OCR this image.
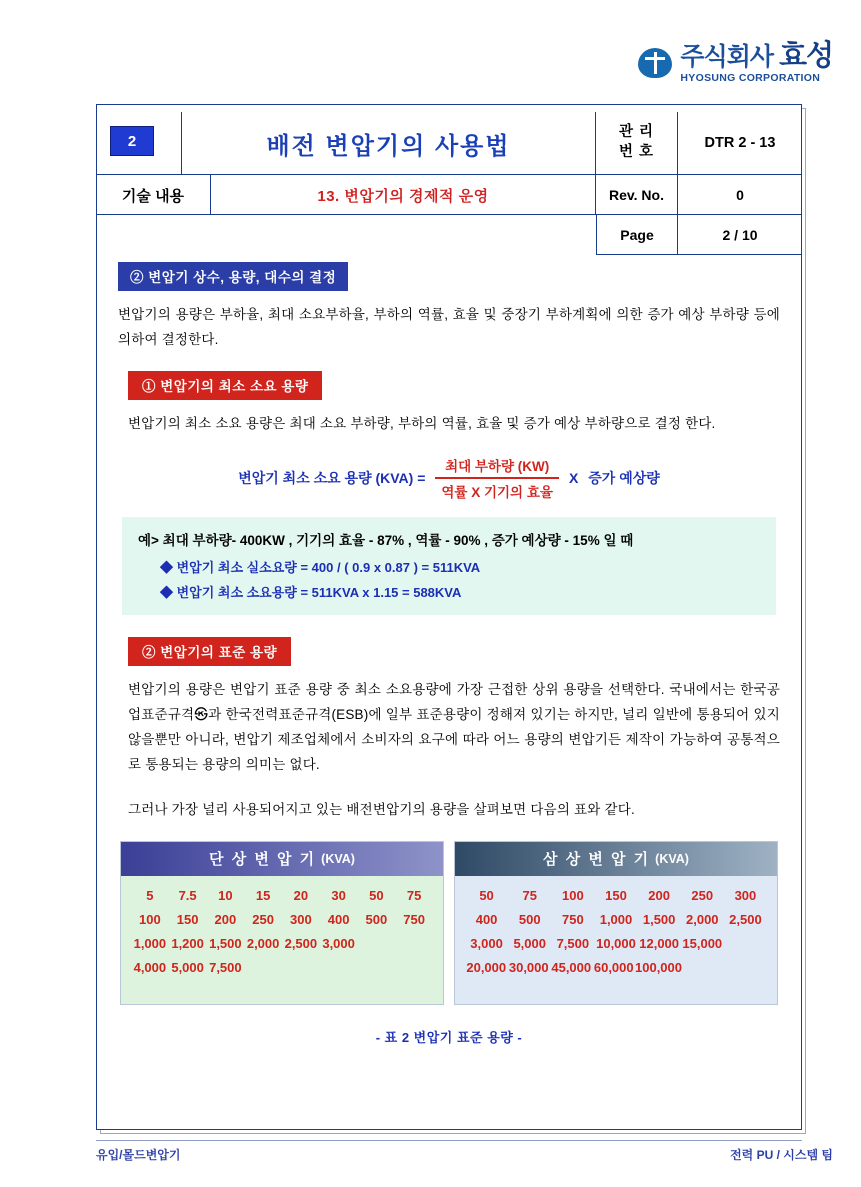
주식회사 효성
HYOSUNG CORPORATION
2	배전 변압기의 사용법
관 리
번 호
DTR 2 - 13
기술 내용	13. 변압기의 경제적 운영	Rev. No.	0
Page	2 / 10
② 변압기 상수, 용량, 대수의 결정

변압기의 용량은 부하율, 최대 소요부하율, 부하의 역률, 효율 및 중장기 부하계획에 의한 증가 예상 부하량 등에 의하여 결정한다.

① 변압기의 최소 소요 용량

변압기의 최소 소요 용량은 최대 소요 부하량, 부하의 역률, 효율 및 증가 예상 부하량으로 결정 한다.

변압기 최소 소요 용량 $(KVA) = \frac{\text{최대 부하량 (KW)}}{\text{역률 X 기기의 효율}}$ X 증가 예상량
예> 최대 부하량- 400KW , 기기의 효율 - 87% , 역률 - 90% , 증가 예상량 - 15% 일 때
◆ 변압기 최소 실소요량 = 400 / ( 0.9 x 0.87 ) = 511KVA
◆ 변압기 최소 소요용량 = 511KVA x 1.15 = 588KVA
② 변압기의 표준 용량

변압기의 용량은 변압기 표준 용량 중 최소 소요용량에 가장 근접한 상위 용량을 선택한다. 국내에서는 한국공업표준규격㉿과 한국전력표준규격(ESB)에 일부 표준용량이 정해져 있기는 하지만, 널리 일반에 통용되어 있지 않을뿐만 아니라, 변압기 제조업체에서 소비자의 요구에 따라 어느 용량의 변압기든 제작이 가능하여 공통적으로 통용되는 용량의 의미는 없다.

그러나 가장 널리 사용되어지고 있는 배전변압기의 용량을 살펴보면 다음의 표와 같다.

단 상 변 압 기 (KVA)
5	7.5	10	15	20	30	50	75
100	150	200	250	300	400	500	750
1,000 1,200 1,500 2,000 2,500 3,000
4,000 5,000 7,500
삼 상 변 압 기 (KVA)
50	75	100	150	200	250	300
400	500	750	1,000 1,500 2,000 2,500
3,000 5,000 7,500 10,000 12,000 15,000
20,000 30,000 45,000 60,000 100,000
- 표 2 변압기 표준 용량 -
유입/몰드변압기	전력 PU / 시스템 팀
